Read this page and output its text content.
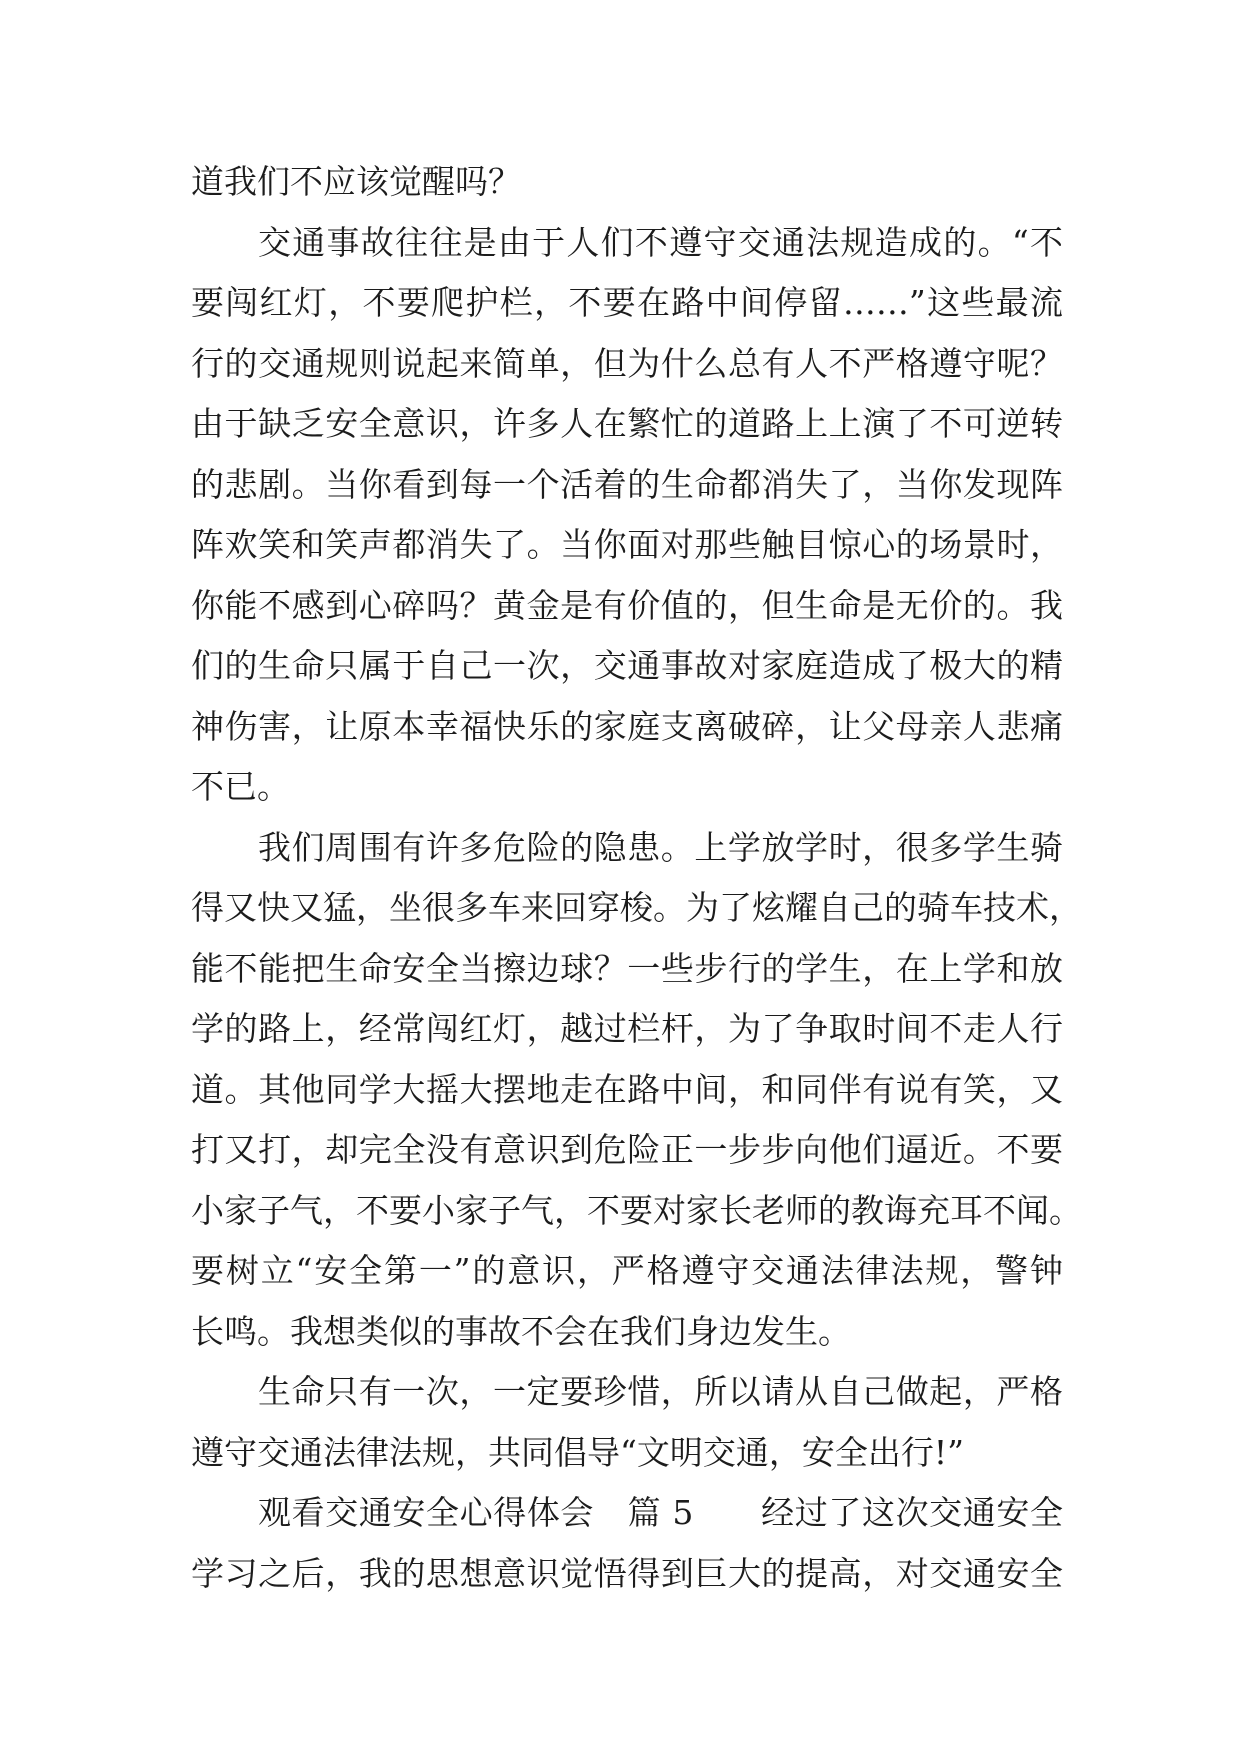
道我们不应该觉醒吗？
交通事故往往是由于人们不遵守交通法规造成的。“不
要闯红灯，不要爬护栏，不要在路中间停留……”这些最流
行的交通规则说起来简单，但为什么总有人不严格遵守呢？
由于缺乏安全意识，许多人在繁忙的道路上上演了不可逆转
的悲剧。当你看到每一个活着的生命都消失了，当你发现阵
阵欢笑和笑声都消失了。当你面对那些触目惊心的场景时，
你能不感到心碎吗？黄金是有价值的，但生命是无价的。我
们的生命只属于自己一次，交通事故对家庭造成了极大的精
神伤害，让原本幸福快乐的家庭支离破碎，让父母亲人悲痛
不已。
我们周围有许多危险的隐患。上学放学时，很多学生骑
得又快又猛，坐很多车来回穿梭。为了炫耀自己的骑车技术，
能不能把生命安全当擦边球？一些步行的学生，在上学和放
学的路上，经常闯红灯，越过栏杆，为了争取时间不走人行
道。其他同学大摇大摆地走在路中间，和同伴有说有笑，又
打又打，却完全没有意识到危险正一步步向他们逼近。不要
小家子气，不要小家子气，不要对家长老师的教诲充耳不闻。
要树立“安全第一”的意识，严格遵守交通法律法规，警钟
长鸣。我想类似的事故不会在我们身边发生。
生命只有一次，一定要珍惜，所以请从自己做起，严格
遵守交通法律法规，共同倡导“文明交通，安全出行!”
观看交通安全心得体会　篇 5　　经过了这次交通安全
学习之后，我的思想意识觉悟得到巨大的提高，对交通安全
